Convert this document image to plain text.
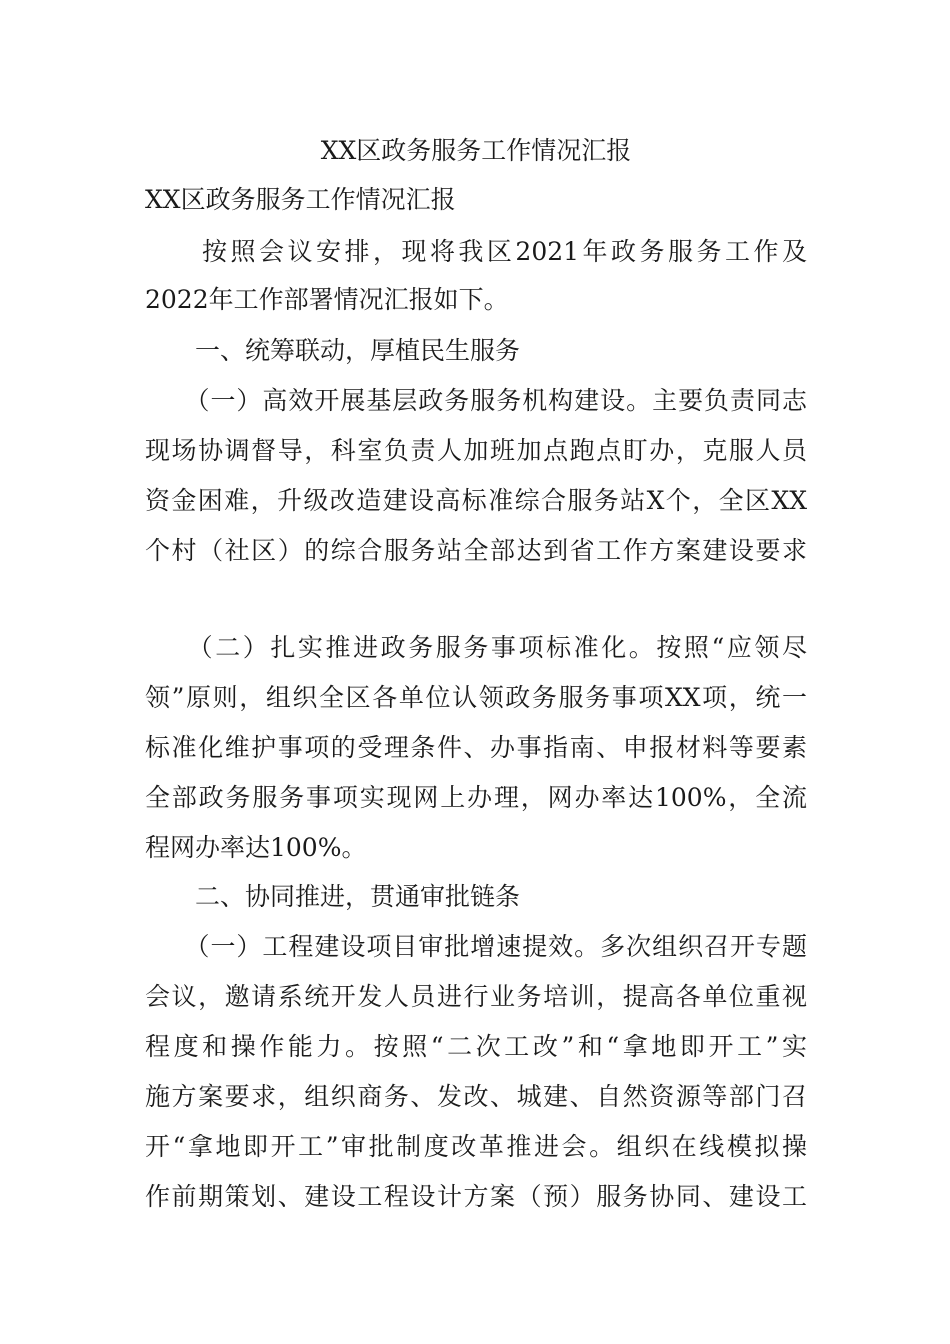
XX区政务服务工作情况汇报

XX区政务服务工作情况汇报

　　按照会议安排，现将我区2021年政务服务工作及

2022年工作部署情况汇报如下。

　　一、统筹联动，厚植民生服务

　　（一）高效开展基层政务服务机构建设。主要负责同志

现场协调督导，科室负责人加班加点跑点盯办，克服人员

资金困难，升级改造建设高标准综合服务站X个，全区XX

个村（社区）的综合服务站全部达到省工作方案建设要求

　　（二）扎实推进政务服务事项标准化。按照“应领尽

领”原则，组织全区各单位认领政务服务事项XX项，统一

标准化维护事项的受理条件、办事指南、申报材料等要素

全部政务服务事项实现网上办理，网办率达100%，全流

程网办率达100%。

　　二、协同推进，贯通审批链条

　　（一）工程建设项目审批增速提效。多次组织召开专题

会议，邀请系统开发人员进行业务培训，提高各单位重视

程度和操作能力。按照“二次工改”和“拿地即开工”实

施方案要求，组织商务、发改、城建、自然资源等部门召

开“拿地即开工”审批制度改革推进会。组织在线模拟操

作前期策划、建设工程设计方案（预）服务协同、建设工
